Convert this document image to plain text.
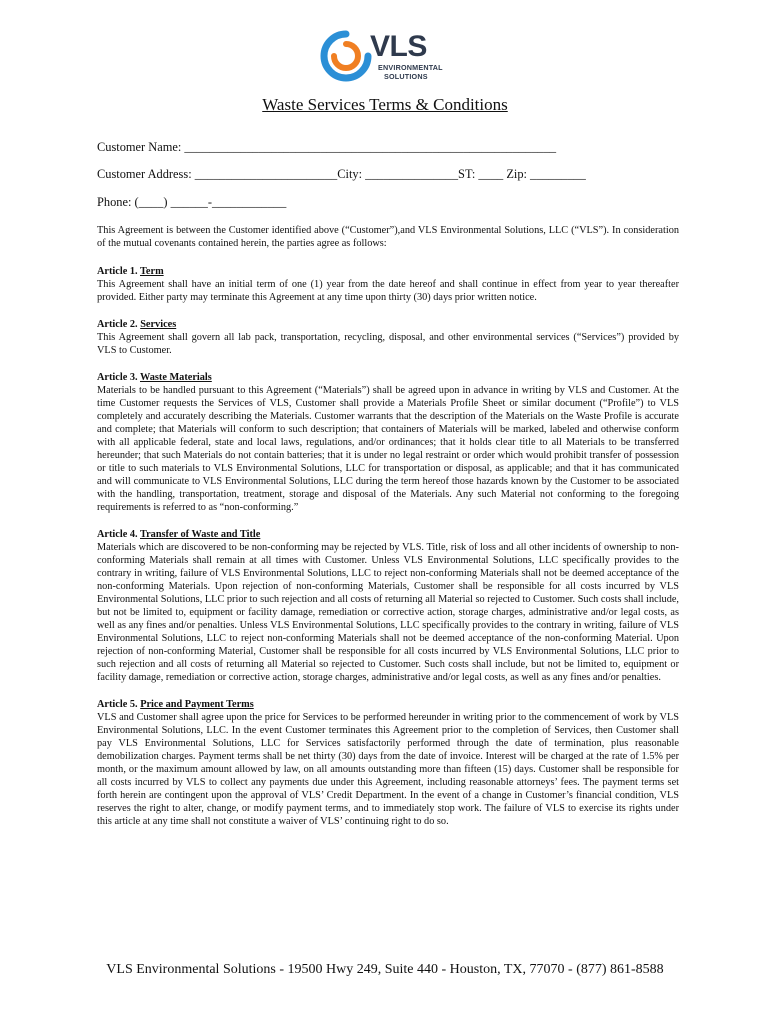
VLS
ENVIRONMENTAL
SOLUTIONS
Waste Services Terms & Conditions
Customer Name: ____________________________________________________________
Customer Address: _______________________City: _______________ST: ____ Zip: _________
Phone: (____) ______-____________

This Agreement is between the Customer identified above (“Customer”),and VLS Environmental Solutions, LLC (“VLS”). In consideration of the mutual covenants contained herein, the parties agree as follows:

Article 1. Term

This Agreement shall have an initial term of one (1) year from the date hereof and shall continue in effect from year to year thereafter provided. Either party may terminate this Agreement at any time upon thirty (30) days prior written notice.

Article 2. Services

This Agreement shall govern all lab pack, transportation, recycling, disposal, and other environmental services (“Services”) provided by VLS to Customer.

Article 3. Waste Materials

Materials to be handled pursuant to this Agreement (“Materials”) shall be agreed upon in advance in writing by VLS and Customer. At the time Customer requests the Services of VLS, Customer shall provide a Materials Profile Sheet or similar document (“Profile”) to VLS completely and accurately describing the Materials. Customer warrants that the description of the Materials on the Waste Profile is accurate and complete; that Materials will conform to such description; that containers of Materials will be marked, labeled and otherwise conform with all applicable federal, state and local laws, regulations, and/or ordinances; that it holds clear title to all Materials to be transferred hereunder; that such Materials do not contain batteries; that it is under no legal restraint or order which would prohibit transfer of possession or title to such materials to VLS Environmental Solutions, LLC for transportation or disposal, as applicable; and that it has communicated and will communicate to VLS Environmental Solutions, LLC during the term hereof those hazards known by the Customer to be associated with the handling, transportation, treatment, storage and disposal of the Materials. Any such Material not conforming to the foregoing requirements is referred to as “non-conforming.”

Article 4. Transfer of Waste and Title

Materials which are discovered to be non-conforming may be rejected by VLS. Title, risk of loss and all other incidents of ownership to non-conforming Materials shall remain at all times with Customer. Unless VLS Environmental Solutions, LLC specifically provides to the contrary in writing, failure of VLS Environmental Solutions, LLC to reject non-conforming Materials shall not be deemed acceptance of the non-conforming Materials. Upon rejection of non-conforming Materials, Customer shall be responsible for all costs incurred by VLS Environmental Solutions, LLC prior to such rejection and all costs of returning all Material so rejected to Customer. Such costs shall include, but not be limited to, equipment or facility damage, remediation or corrective action, storage charges, administrative and/or legal costs, as well as any fines and/or penalties. Unless VLS Environmental Solutions, LLC specifically provides to the contrary in writing, failure of VLS Environmental Solutions, LLC to reject non-conforming Materials shall not be deemed acceptance of the non-conforming Material. Upon rejection of non-conforming Material, Customer shall be responsible for all costs incurred by VLS Environmental Solutions, LLC prior to such rejection and all costs of returning all Material so rejected to Customer. Such costs shall include, but not be limited to, equipment or facility damage, remediation or corrective action, storage charges, administrative and/or legal costs, as well as any fines and/or penalties.

Article 5. Price and Payment Terms

VLS and Customer shall agree upon the price for Services to be performed hereunder in writing prior to the commencement of work by VLS Environmental Solutions, LLC. In the event Customer terminates this Agreement prior to the completion of Services, then Customer shall pay VLS Environmental Solutions, LLC for Services satisfactorily performed through the date of termination, plus reasonable demobilization charges. Payment terms shall be net thirty (30) days from the date of invoice. Interest will be charged at the rate of 1.5% per month, or the maximum amount allowed by law, on all amounts outstanding more than fifteen (15) days. Customer shall be responsible for all costs incurred by VLS to collect any payments due under this Agreement, including reasonable attorneys’ fees. The payment terms set forth herein are contingent upon the approval of VLS’ Credit Department. In the event of a change in Customer’s financial condition, VLS reserves the right to alter, change, or modify payment terms, and to immediately stop work. The failure of VLS to exercise its rights under this article at any time shall not constitute a waiver of VLS’ continuing right to do so.

VLS Environmental Solutions - 19500 Hwy 249, Suite 440 - Houston, TX, 77070 - (877) 861-8588
